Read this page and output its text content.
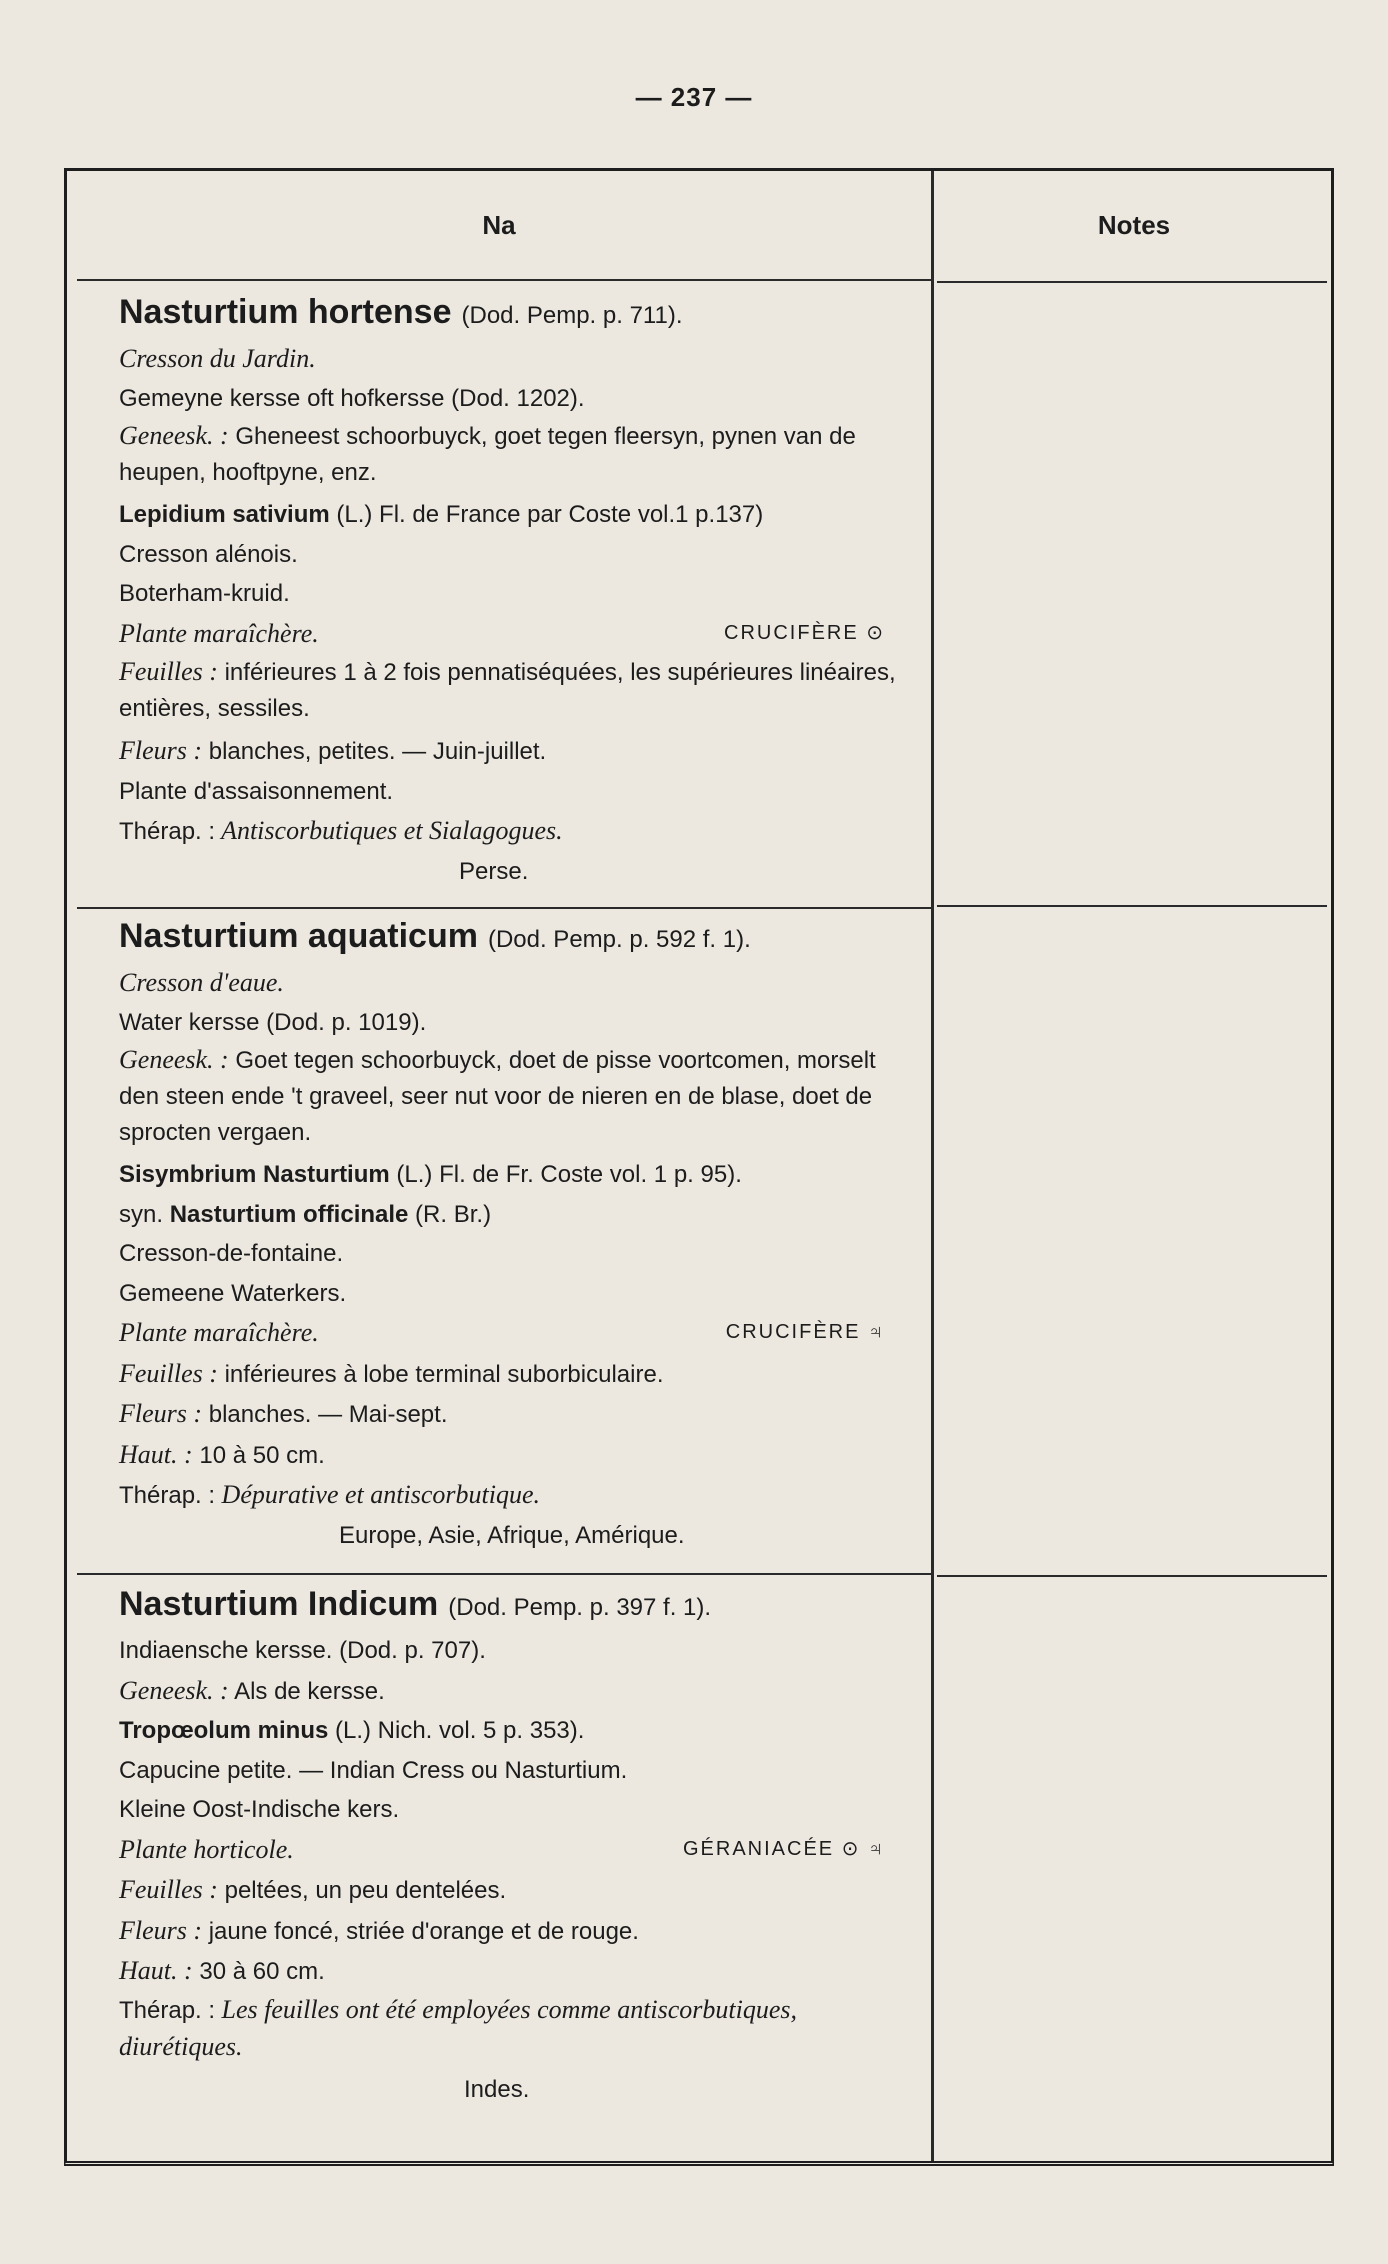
— 237 —
Na	Notes
Nasturtium hortense (Dod. Pemp. p. 711).
Cresson du Jardin.
Gemeyne kersse oft hofkersse (Dod. 1202).
Geneesk. : Gheneest schoorbuyck, goet tegen fleersyn, pynen van de heupen, hooftpyne, enz.
Lepidium sativium (L.) Fl. de France par Coste vol.1 p.137)
Cresson alénois.
Boterham-kruid.
Plante maraîchère.	CRUCIFÈRE ⊙
Feuilles : inférieures 1 à 2 fois pennatiséquées, les supérieures linéaires, entières, sessiles.
Fleurs : blanches, petites. — Juin-juillet.
Plante d'assaisonnement.
Thérap. : Antiscorbutiques et Sialagogues.
Perse.
Nasturtium aquaticum (Dod. Pemp. p. 592 f. 1).
Cresson d'eaue.
Water kersse (Dod. p. 1019).
Geneesk. : Goet tegen schoorbuyck, doet de pisse voortcomen, morselt den steen ende 't graveel, seer nut voor de nieren en de blase, doet de sprocten vergaen.
Sisymbrium Nasturtium (L.) Fl. de Fr. Coste vol. 1 p. 95).
syn. Nasturtium officinale (R. Br.)
Cresson-de-fontaine.
Gemeene Waterkers.
Plante maraîchère.	CRUCIFÈRE ♃
Feuilles : inférieures à lobe terminal suborbiculaire.
Fleurs : blanches. — Mai-sept.
Haut. : 10 à 50 cm.
Thérap. : Dépurative et antiscorbutique.
Europe, Asie, Afrique, Amérique.
Nasturtium Indicum (Dod. Pemp. p. 397 f. 1).
Indiaensche kersse. (Dod. p. 707).
Geneesk. : Als de kersse.
Tropœolum minus (L.) Nich. vol. 5 p. 353).
Capucine petite. — Indian Cress ou Nasturtium.
Kleine Oost-Indische kers.
Plante horticole.	GÉRANIACÉE ⊙ ♃
Feuilles : peltées, un peu dentelées.
Fleurs : jaune foncé, striée d'orange et de rouge.
Haut. : 30 à 60 cm.
Thérap. : Les feuilles ont été employées comme antiscorbutiques, diurétiques.
Indes.
